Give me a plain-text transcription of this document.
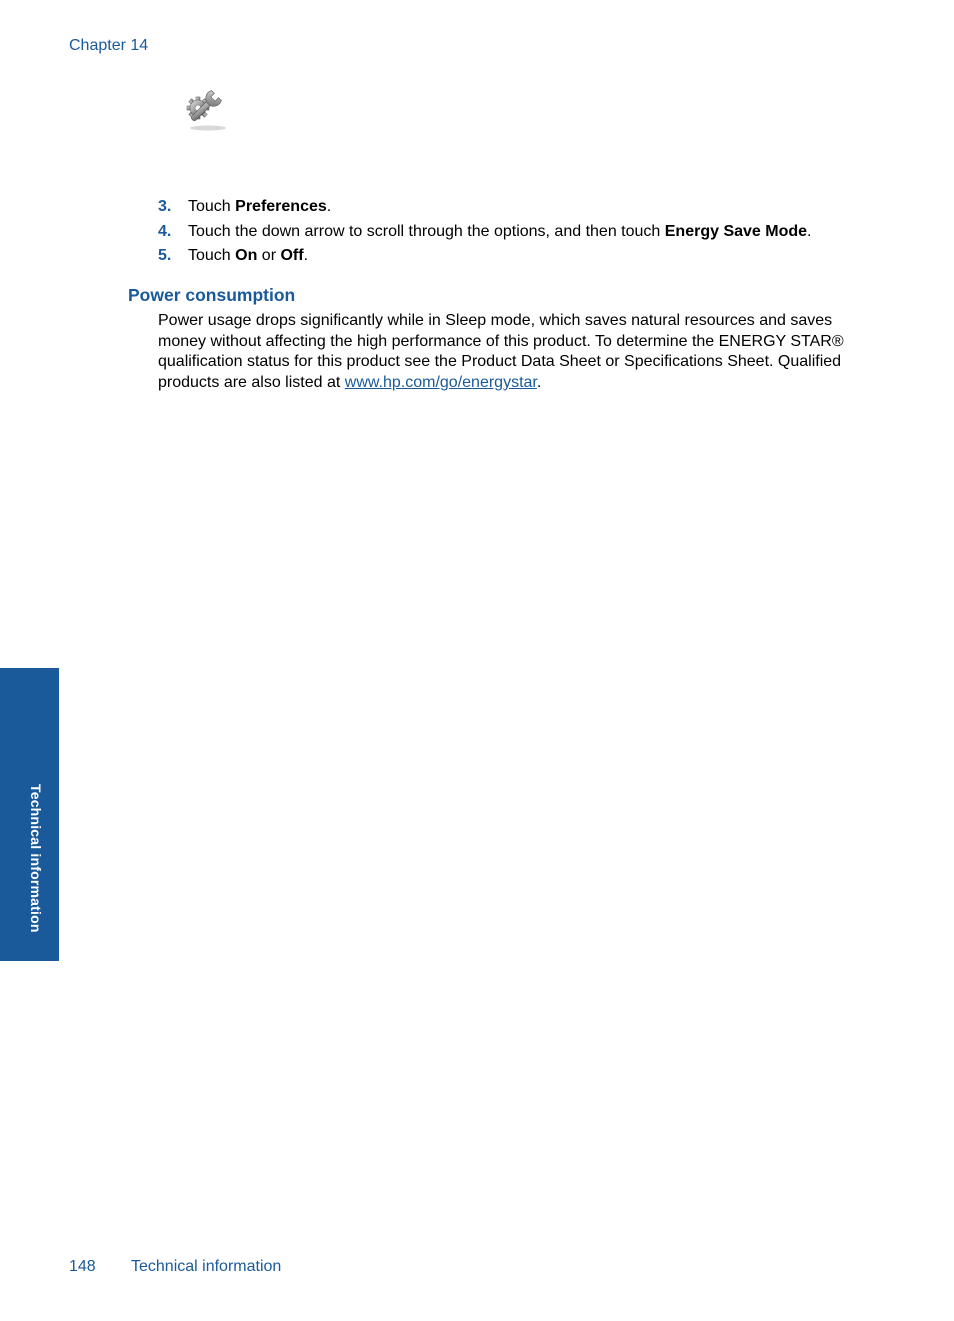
Chapter 14
3. Touch Preferences.
4. Touch the down arrow to scroll through the options, and then touch Energy Save Mode.
5. Touch On or Off.
Power consumption
Power usage drops significantly while in Sleep mode, which saves natural resources and saves money without affecting the high performance of this product. To determine the ENERGY STAR® qualification status for this product see the Product Data Sheet or Specifications Sheet. Qualified products are also listed at www.hp.com/go/energystar.
Technical information
148 Technical information
